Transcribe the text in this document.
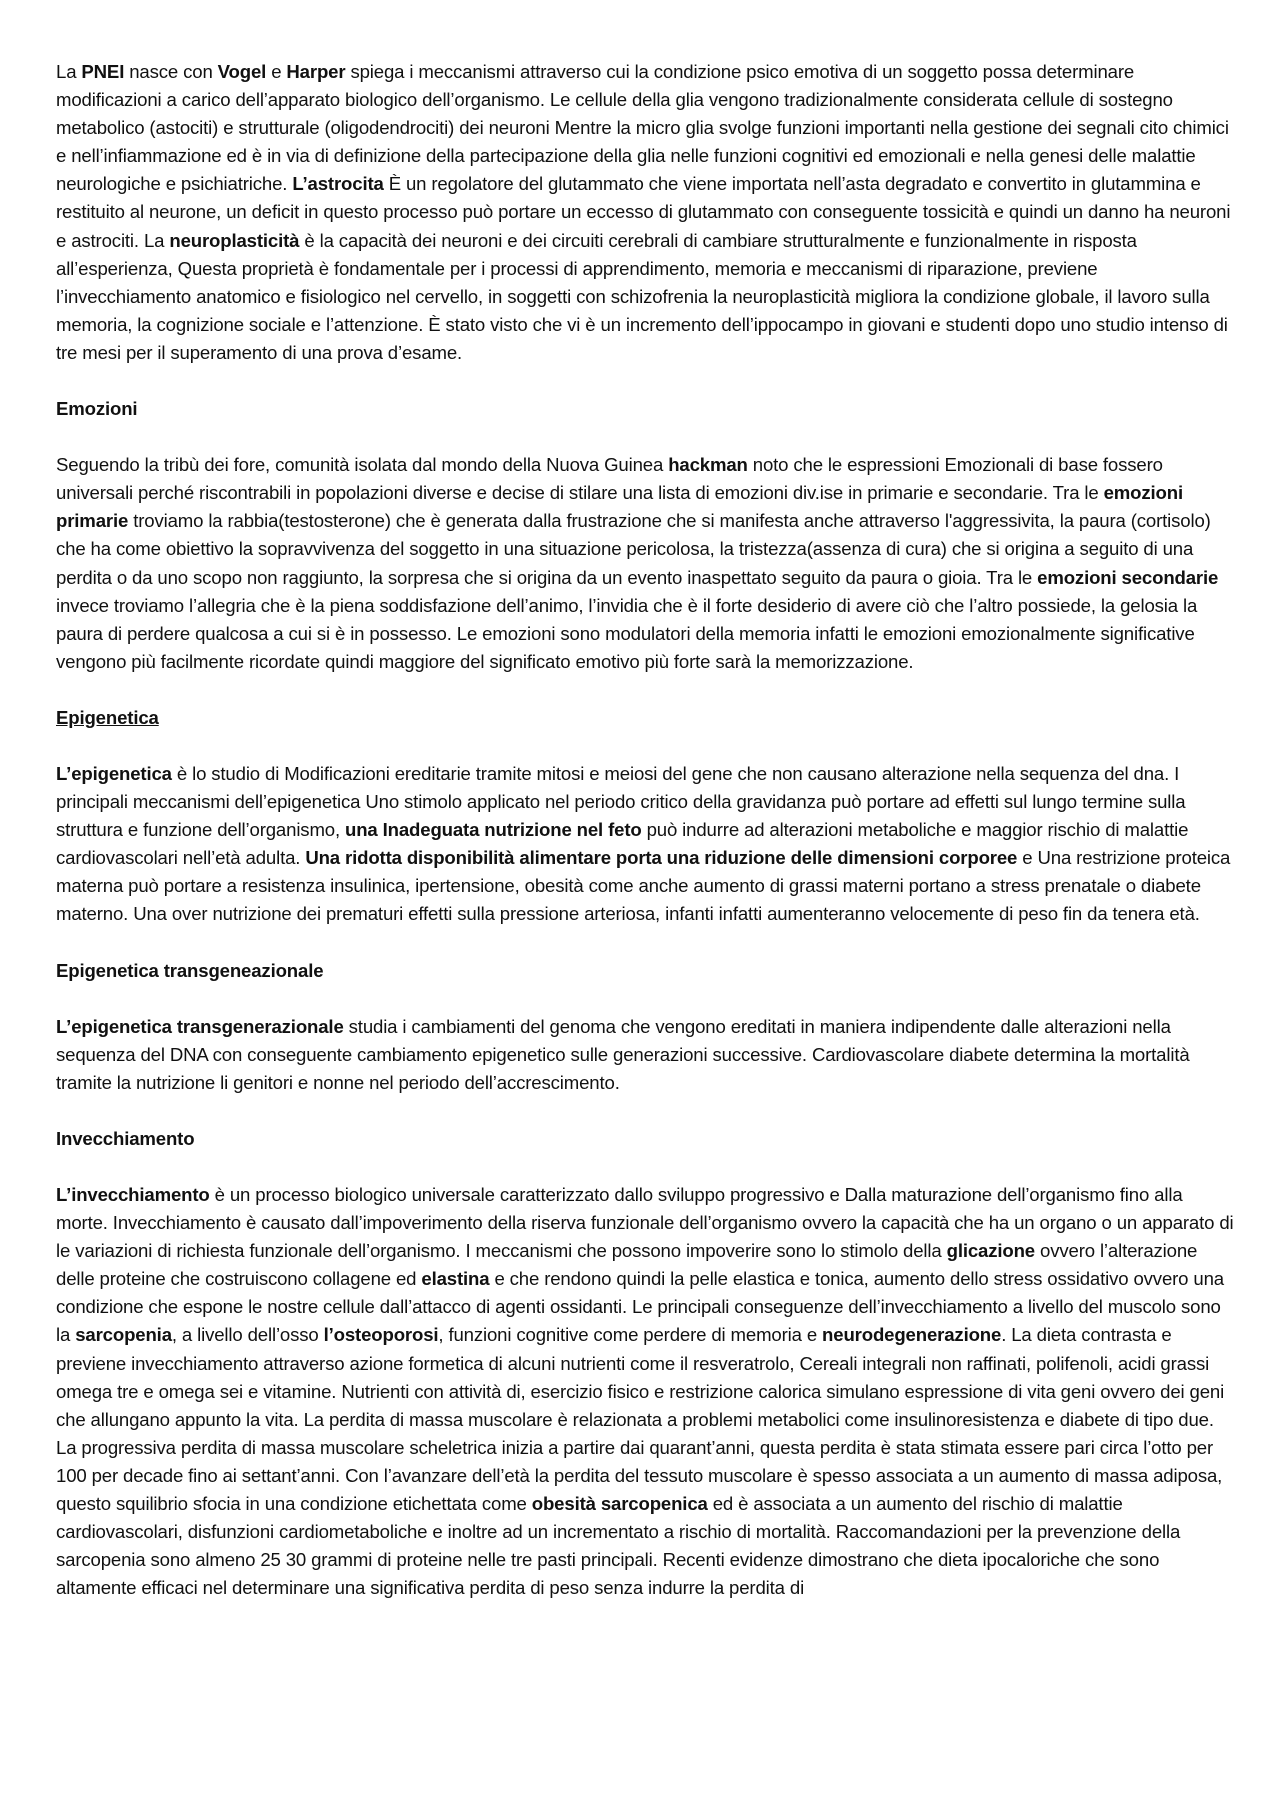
La PNEI nasce con Vogel e Harper spiega i meccanismi attraverso cui la condizione psico emotiva di un soggetto possa determinare modificazioni a carico dell’apparato biologico dell’organismo. Le cellule della glia vengono tradizionalmente considerata cellule di sostegno metabolico (astociti) e strutturale (oligodendrociti) dei neuroni Mentre la micro glia svolge funzioni importanti nella gestione dei segnali cito chimici e nell’infiammazione ed è in via di definizione della partecipazione della glia nelle funzioni cognitivi ed emozionali e nella genesi delle malattie neurologiche e psichiatriche. L’astrocita È un regolatore del glutammato che viene importata nell’asta degradato e convertito in glutammina e restituito al neurone, un deficit in questo processo può portare un eccesso di glutammato con conseguente tossicità e quindi un danno ha neuroni e astrociti. La neuroplasticità è la capacità dei neuroni e dei circuiti cerebrali di cambiare strutturalmente e funzionalmente in risposta all’esperienza, Questa proprietà è fondamentale per i processi di apprendimento, memoria e meccanismi di riparazione, previene l’invecchiamento anatomico e fisiologico nel cervello, in soggetti con schizofrenia la neuroplasticità migliora la condizione globale, il lavoro sulla memoria, la cognizione sociale e l’attenzione. È stato visto che vi è un incremento dell’ippocampo in giovani e studenti dopo uno studio intenso di tre mesi per il superamento di una prova d’esame.

Emozioni

Seguendo la tribù dei fore, comunità isolata dal mondo della Nuova Guinea hackman noto che le espressioni Emozionali di base fossero universali perché riscontrabili in popolazioni diverse e decise di stilare una lista di emozioni div.ise in primarie e secondarie. Tra le emozioni primarie troviamo la rabbia(testosterone) che è generata dalla frustrazione che si manifesta anche attraverso l'aggressivita, la paura (cortisolo) che ha come obiettivo la sopravvivenza del soggetto in una situazione pericolosa, la tristezza(assenza di cura) che si origina a seguito di una perdita o da uno scopo non raggiunto, la sorpresa che si origina da un evento inaspettato seguito da paura o gioia. Tra le emozioni secondarie invece troviamo l’allegria che è la piena soddisfazione dell’animo, l’invidia che è il forte desiderio di avere ciò che l’altro possiede, la gelosia la paura di perdere qualcosa a cui si è in possesso. Le emozioni sono modulatori della memoria infatti le emozioni emozionalmente significative vengono più facilmente ricordate quindi maggiore del significato emotivo più forte sarà la memorizzazione.

Epigenetica

L’epigenetica è lo studio di Modificazioni ereditarie tramite mitosi e meiosi del gene che non causano alterazione nella sequenza del dna. I principali meccanismi dell’epigenetica Uno stimolo applicato nel periodo critico della gravidanza può portare ad effetti sul lungo termine sulla struttura e funzione dell’organismo, una Inadeguata nutrizione nel feto può indurre ad alterazioni metaboliche e maggior rischio di malattie cardiovascolari nell’età adulta. Una ridotta disponibilità alimentare porta una riduzione delle dimensioni corporee e Una restrizione proteica materna può portare a resistenza insulinica, ipertensione, obesità come anche aumento di grassi materni portano a stress prenatale o diabete materno. Una over nutrizione dei prematuri effetti sulla pressione arteriosa, infanti infatti aumenteranno velocemente di peso fin da tenera età.

Epigenetica transgeneazionale

L’epigenetica transgenerazionale studia i cambiamenti del genoma che vengono ereditati in maniera indipendente dalle alterazioni nella sequenza del DNA con conseguente cambiamento epigenetico sulle generazioni successive. Cardiovascolare diabete determina la mortalità tramite la nutrizione li genitori e nonne nel periodo dell’accrescimento.

Invecchiamento

L’invecchiamento è un processo biologico universale caratterizzato dallo sviluppo progressivo e Dalla maturazione dell’organismo fino alla morte. Invecchiamento è causato dall’impoverimento della riserva funzionale dell’organismo ovvero la capacità che ha un organo o un apparato di le variazioni di richiesta funzionale dell’organismo. I meccanismi che possono impoverire sono lo stimolo della glicazione ovvero l’alterazione delle proteine che costruiscono collagene ed elastina e che rendono quindi la pelle elastica e tonica, aumento dello stress ossidativo ovvero una condizione che espone le nostre cellule dall’attacco di agenti ossidanti. Le principali conseguenze dell’invecchiamento a livello del muscolo sono la sarcopenia, a livello dell’osso l’osteoporosi, funzioni cognitive come perdere di memoria e neurodegenerazione. La dieta contrasta e previene invecchiamento attraverso azione formetica di alcuni nutrienti come il resveratrolo, Cereali integrali non raffinati, polifenoli, acidi grassi omega tre e omega sei e vitamine. Nutrienti con attività di, esercizio fisico e restrizione calorica simulano espressione di vita geni ovvero dei geni che allungano appunto la vita. La perdita di massa muscolare è relazionata a problemi metabolici come insulinoresistenza e diabete di tipo due. La progressiva perdita di massa muscolare scheletrica inizia a partire dai quarant’anni, questa perdita è stata stimata essere pari circa l’otto per 100 per decade fino ai settant’anni. Con l’avanzare dell’età la perdita del tessuto muscolare è spesso associata a un aumento di massa adiposa, questo squilibrio sfocia in una condizione etichettata come obesità sarcopenica ed è associata a un aumento del rischio di malattie cardiovascolari, disfunzioni cardiometaboliche e inoltre ad un incrementato a rischio di mortalità. Raccomandazioni per la prevenzione della sarcopenia sono almeno 25 30 grammi di proteine nelle tre pasti principali. Recenti evidenze dimostrano che dieta ipocaloriche che sono altamente efficaci nel determinare una significativa perdita di peso senza indurre la perdita di
